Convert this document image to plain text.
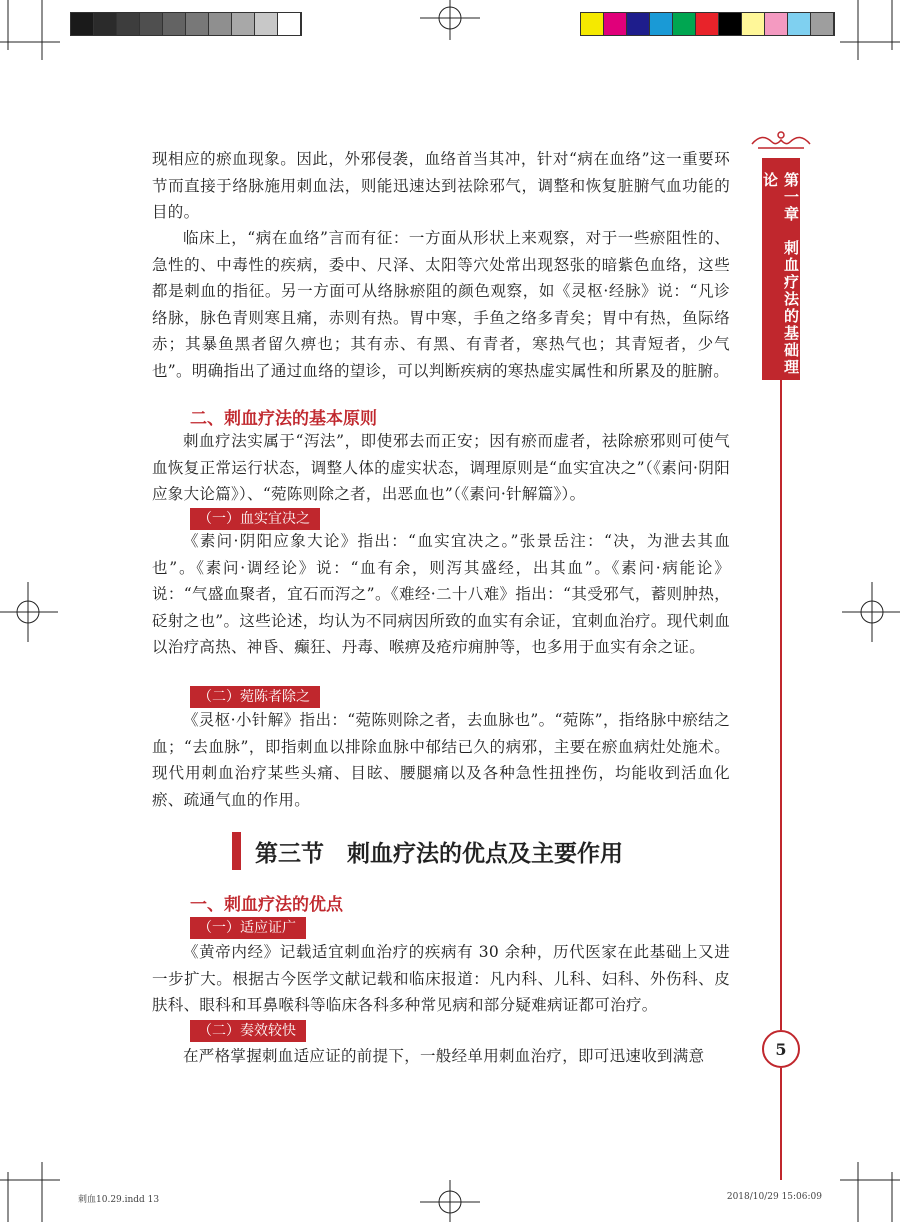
第一章　刺血疗法的基础理论
5

现相应的瘀血现象。因此，外邪侵袭，血络首当其冲，针对“病在血络”这一重要环节而直接于络脉施用刺血法，则能迅速达到祛除邪气，调整和恢复脏腑气血功能的目的。

临床上，“病在血络”言而有征：一方面从形状上来观察，对于一些瘀阻性的、急性的、中毒性的疾病，委中、尺泽、太阳等穴处常出现怒张的暗紫色血络，这些都是刺血的指征。另一方面可从络脉瘀阻的颜色观察，如《灵枢·经脉》说：“凡诊络脉，脉色青则寒且痛，赤则有热。胃中寒，手鱼之络多青矣；胃中有热，鱼际络赤；其暴鱼黑者留久痹也；其有赤、有黑、有青者，寒热气也；其青短者，少气也”。明确指出了通过血络的望诊，可以判断疾病的寒热虚实属性和所累及的脏腑。

二、刺血疗法的基本原则

刺血疗法实属于“泻法”，即使邪去而正安；因有瘀而虚者，祛除瘀邪则可使气血恢复正常运行状态，调整人体的虚实状态，调理原则是“血实宜决之”（《素问·阴阳应象大论篇》）、“菀陈则除之者，出恶血也”（《素问·针解篇》）。

（一）血实宜决之

《素问·阴阳应象大论》指出：“血实宜决之。”张景岳注：“决，为泄去其血也”。《素问·调经论》说：“血有余，则泻其盛经，出其血”。《素问·病能论》说：“气盛血聚者，宜石而泻之”。《难经·二十八难》指出：“其受邪气，蓄则肿热，砭射之也”。这些论述，均认为不同病因所致的血实有余证，宜刺血治疗。现代刺血以治疗高热、神昏、癫狂、丹毒、喉痹及疮疖痈肿等，也多用于血实有余之证。

（二）菀陈者除之

《灵枢·小针解》指出：“菀陈则除之者，去血脉也”。“菀陈”，指络脉中瘀结之血；“去血脉”，即指刺血以排除血脉中郁结已久的病邪，主要在瘀血病灶处施术。现代用刺血治疗某些头痛、目眩、腰腿痛以及各种急性扭挫伤，均能收到活血化瘀、疏通气血的作用。

第三节　刺血疗法的优点及主要作用
一、刺血疗法的优点
（一）适应证广

《黄帝内经》记载适宜刺血治疗的疾病有 30 余种，历代医家在此基础上又进一步扩大。根据古今医学文献记载和临床报道：凡内科、儿科、妇科、外伤科、皮肤科、眼科和耳鼻喉科等临床各科多种常见病和部分疑难病证都可治疗。

（二）奏效较快

在严格掌握刺血适应证的前提下，一般经单用刺血治疗，即可迅速收到满意

刺血10.29.indd 13	2018/10/29 15:06:09
